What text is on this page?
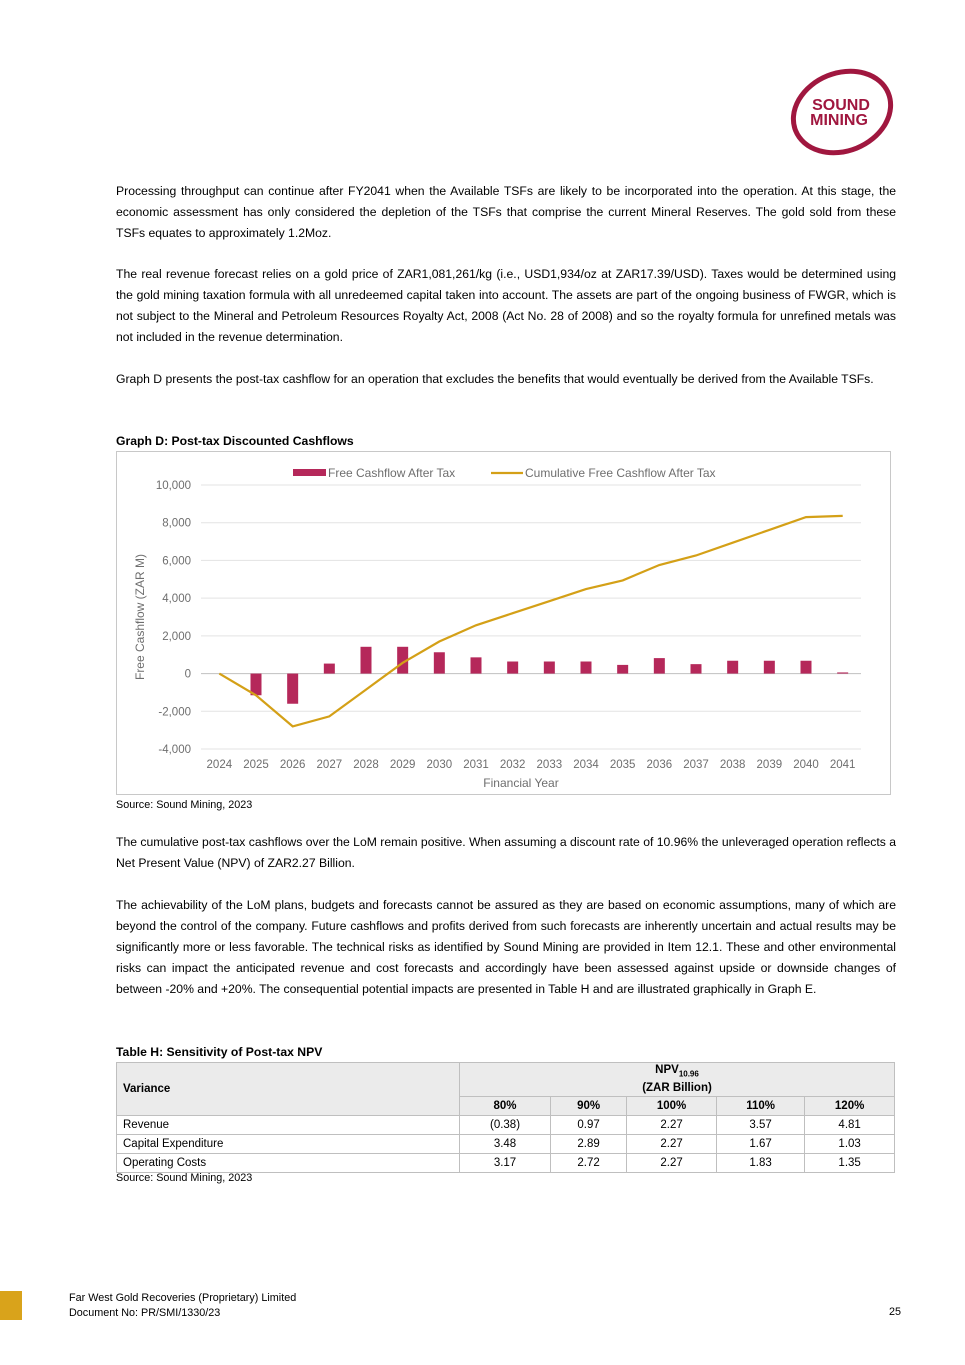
SOUND
MINING

Processing throughput can continue after FY2041 when the Available TSFs are likely to be incorporated into the operation. At this stage, the economic assessment has only considered the depletion of the TSFs that comprise the current Mineral Reserves. The gold sold from these TSFs equates to approximately 1.2Moz.

The real revenue forecast relies on a gold price of ZAR1,081,261/kg (i.e., USD1,934/oz at ZAR17.39/USD). Taxes would be determined using the gold mining taxation formula with all unredeemed capital taken into account. The assets are part of the ongoing business of FWGR, which is not subject to the Mineral and Petroleum Resources Royalty Act, 2008 (Act No. 28 of 2008) and so the royalty formula for unrefined metals was not included in the revenue determination.

Graph D presents the post-tax cashflow for an operation that excludes the benefits that would eventually be derived from the Available TSFs.

Graph D: Post-tax Discounted Cashflows

-4,000
-2,000
0
2,000
4,000
6,000
8,000
10,000
2024 2025 2026 2027 2028 2029 2030 2031 2032 2033 2034 2035 2036 2037 2038 2039 2040 2041
Financial Year
Free Cashflow (ZAR M)
Free Cashflow After Tax	Cumulative Free Cashflow After Tax

Source: Sound Mining, 2023

The cumulative post-tax cashflows over the LoM remain positive. When assuming a discount rate of 10.96% the unleveraged operation reflects a Net Present Value (NPV) of ZAR2.27 Billion.

The achievability of the LoM plans, budgets and forecasts cannot be assured as they are based on economic assumptions, many of which are beyond the control of the company. Future cashflows and profits derived from such forecasts are inherently uncertain and actual results may be significantly more or less favorable. The technical risks as identified by Sound Mining are provided in Item 12.1. These and other environmental risks can impact the anticipated revenue and cost forecasts and accordingly have been assessed against upside or downside changes of between -20% and +20%. The consequential potential impacts are presented in Table H and are illustrated graphically in Graph E.

Table H: Sensitivity of Post-tax NPV

Variance	$NPV_{10.96}$
(ZAR Billion)				
	80%	90%	100%	110%	120%
Revenue	(0.38)	0.97	2.27	3.57	4.81
Capital Expenditure	3.48	2.89	2.27	1.67	1.03
Operating Costs	3.17	2.72	2.27	1.83	1.35

Source: Sound Mining, 2023

Far West Gold Recoveries (Proprietary) Limited
Document No: PR/SMI/1330/23	25
